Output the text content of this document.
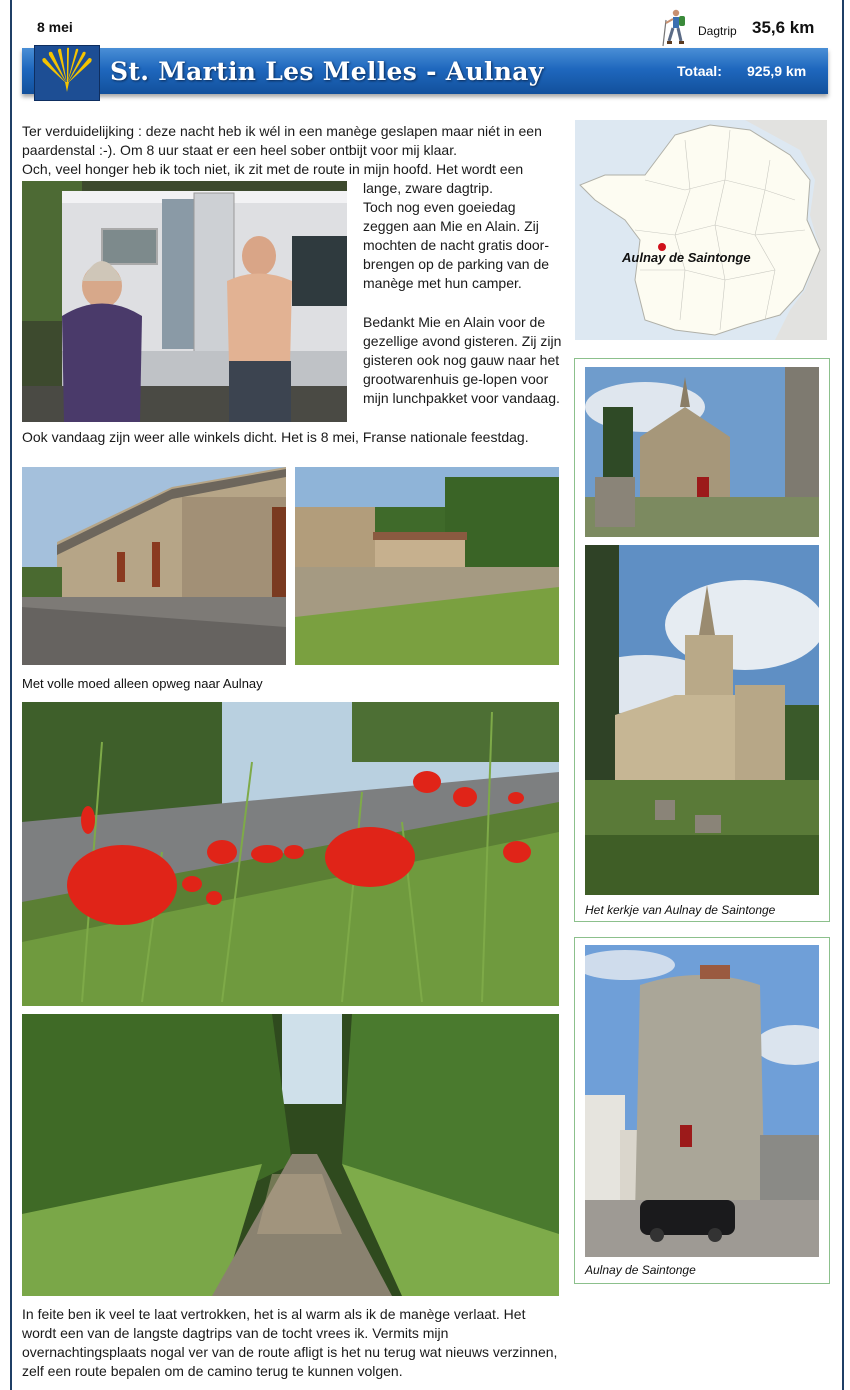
8 mei	Dagtrip 35,6 km
St. Martin Les Melles - Aulnay	Totaal: 925,9 km
Ter verduidelijking : deze nacht heb ik wél in een manège geslapen maar niét in een paardenstal :-). Om 8 uur staat er een heel sober ontbijt voor mij klaar.
Och, veel honger heb ik toch niet, ik zit met de route in mijn hoofd. Het wordt een
lange, zware dagtrip.
Toch nog even goeiedag zeggen aan Mie en Alain. Zij mochten de nacht gratis door-brengen op de parking van de manège met hun camper.
Bedankt Mie en Alain voor de gezellige avond gisteren. Zij zijn gisteren ook nog gauw naar het grootwarenhuis ge-lopen voor mijn lunchpakket voor vandaag.
Ook vandaag zijn weer alle winkels dicht. Het is 8 mei, Franse nationale feestdag.
Met volle moed alleen opweg naar Aulnay
In feite ben ik veel te laat vertrokken, het is al warm als ik de manège verlaat. Het wordt een van de langste dagtrips van de tocht vrees ik. Vermits mijn overnachtingsplaats nogal ver van de route afligt is het nu terug wat nieuws verzinnen, zelf een route bepalen om de camino terug te kunnen volgen.
Aulnay de Saintonge
Het kerkje van Aulnay de Saintonge
Aulnay de Saintonge
